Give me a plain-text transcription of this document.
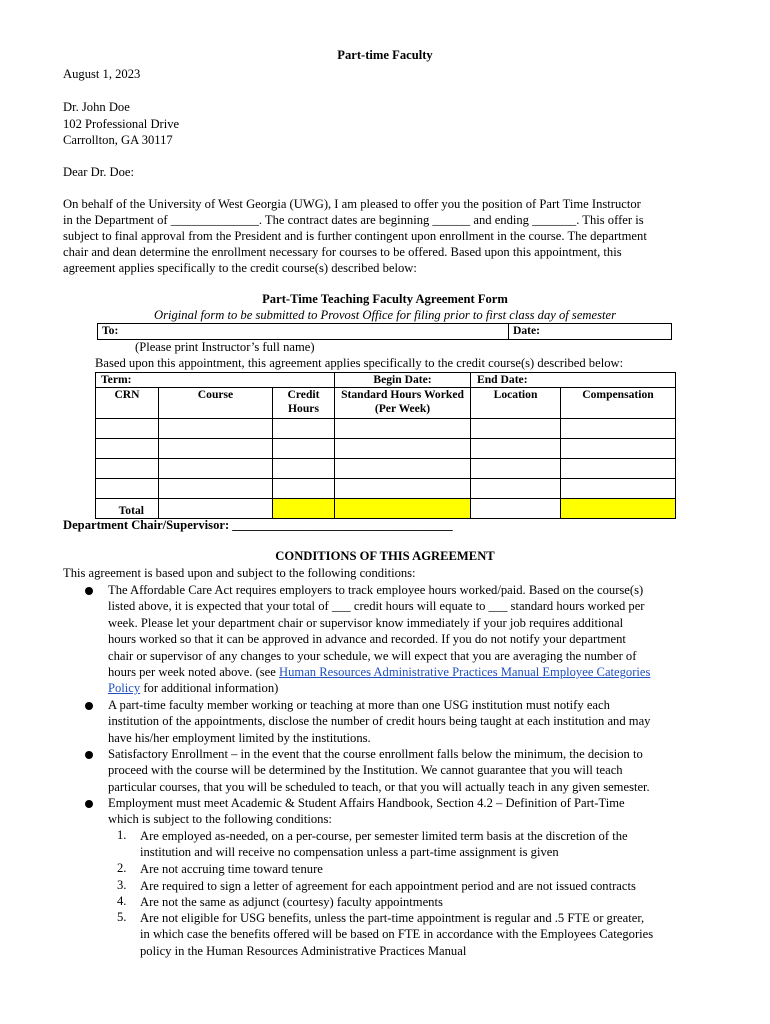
Part-time Faculty
August 1, 2023
Dr. John Doe
102 Professional Drive
Carrollton, GA 30117
Dear Dr. Doe:
On behalf of the University of West Georgia (UWG), I am pleased to offer you the position of Part Time Instructor
in the Department of ______________. The contract dates are beginning ______ and ending _______. This offer is
subject to final approval from the President and is further contingent upon enrollment in the course. The department
chair and dean determine the enrollment necessary for courses to be offered. Based upon this appointment, this
agreement applies specifically to the credit course(s) described below:
Part-Time Teaching Faculty Agreement Form
Original form to be submitted to Provost Office for filing prior to first class day of semester
To:	Date:
(Please print Instructor’s full name)
Based upon this appointment, this agreement applies specifically to the credit course(s) described below:
Term:			Begin Date:	End Date:	
CRN	Course	Credit Hours	Standard Hours Worked (Per Week)	Location	Compensation

Total					
Department Chair/Supervisor: ___________________________________
CONDITIONS OF THIS AGREEMENT
This agreement is based upon and subject to the following conditions:
The Affordable Care Act requires employers to track employee hours worked/paid. Based on the course(s)
listed above, it is expected that your total of ___ credit hours will equate to ___ standard hours worked per
week. Please let your department chair or supervisor know immediately if your job requires additional
hours worked so that it can be approved in advance and recorded. If you do not notify your department
chair or supervisor of any changes to your schedule, we will expect that you are averaging the number of
hours per week noted above. (see Human Resources Administrative Practices Manual Employee Categories
Policy for additional information)
A part-time faculty member working or teaching at more than one USG institution must notify each
institution of the appointments, disclose the number of credit hours being taught at each institution and may
have his/her employment limited by the institutions.
Satisfactory Enrollment – in the event that the course enrollment falls below the minimum, the decision to
proceed with the course will be determined by the Institution. We cannot guarantee that you will teach
particular courses, that you will be scheduled to teach, or that you will actually teach in any given semester.
Employment must meet Academic & Student Affairs Handbook, Section 4.2 – Definition of Part-Time
which is subject to the following conditions:
1.	Are employed as-needed, on a per-course, per semester limited term basis at the discretion of the
institution and will receive no compensation unless a part-time assignment is given
2.	Are not accruing time toward tenure
3.	Are required to sign a letter of agreement for each appointment period and are not issued contracts
4.	Are not the same as adjunct (courtesy) faculty appointments
5.	Are not eligible for USG benefits, unless the part-time appointment is regular and .5 FTE or greater,
in which case the benefits offered will be based on FTE in accordance with the Employees Categories
policy in the Human Resources Administrative Practices Manual
